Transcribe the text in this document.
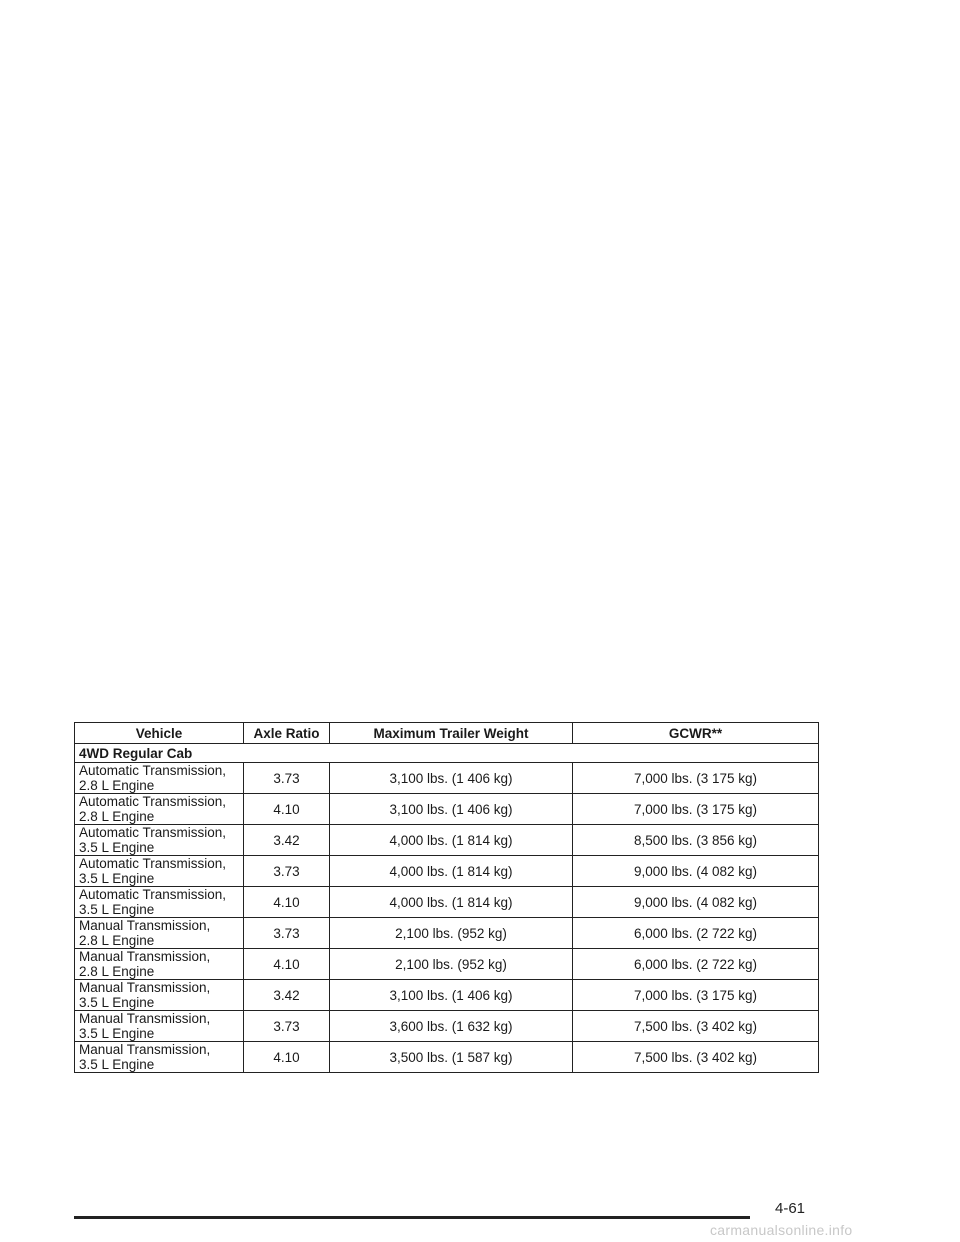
Vehicle	Axle Ratio	Maximum Trailer Weight	GCWR**
4WD Regular Cab			

Automatic Transmission,
2.8 L Engine	3.73	3,100 lbs. (1 406 kg)	7,000 lbs. (3 175 kg)

Automatic Transmission,
2.8 L Engine	4.10	3,100 lbs. (1 406 kg)	7,000 lbs. (3 175 kg)

Automatic Transmission,
3.5 L Engine	3.42	4,000 lbs. (1 814 kg)	8,500 lbs. (3 856 kg)

Automatic Transmission,
3.5 L Engine	3.73	4,000 lbs. (1 814 kg)	9,000 lbs. (4 082 kg)

Automatic Transmission,
3.5 L Engine	4.10	4,000 lbs. (1 814 kg)	9,000 lbs. (4 082 kg)

Manual Transmission,
2.8 L Engine	3.73	2,100 lbs. (952 kg)	6,000 lbs. (2 722 kg)

Manual Transmission,
2.8 L Engine	4.10	2,100 lbs. (952 kg)	6,000 lbs. (2 722 kg)

Manual Transmission,
3.5 L Engine	3.42	3,100 lbs. (1 406 kg)	7,000 lbs. (3 175 kg)

Manual Transmission,
3.5 L Engine	3.73	3,600 lbs. (1 632 kg)	7,500 lbs. (3 402 kg)

Manual Transmission,
3.5 L Engine	4.10	3,500 lbs. (1 587 kg)	7,500 lbs. (3 402 kg)
4-61
carmanualsonline.info
